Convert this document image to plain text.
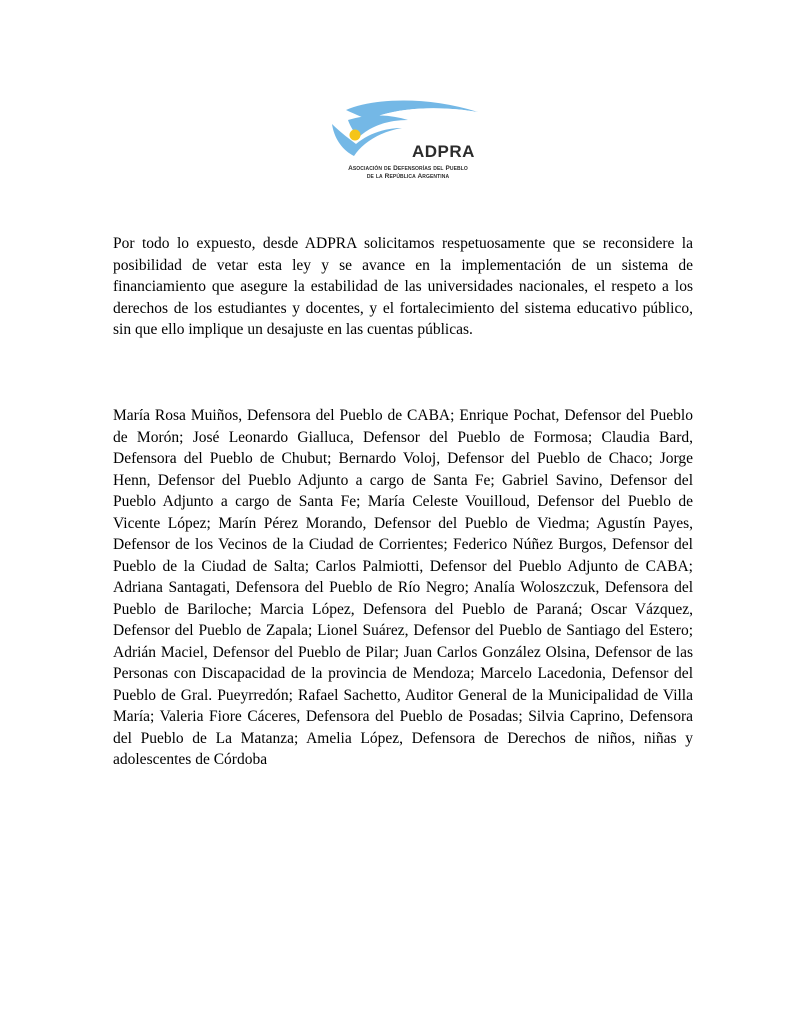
ADPRA

Asociación de Defensorías del Pueblo
de la República Argentina

Por todo lo expuesto, desde ADPRA solicitamos respetuosamente que se reconsidere la posibilidad de vetar esta ley y se avance en la implementación de un sistema de financiamiento que asegure la estabilidad de las universidades nacionales, el respeto a los derechos de los estudiantes y docentes, y el fortalecimiento del sistema educativo público, sin que ello implique un desajuste en las cuentas públicas.

María Rosa Muiños, Defensora del Pueblo de CABA; Enrique Pochat, Defensor del Pueblo de Morón; José Leonardo Gialluca, Defensor del Pueblo de Formosa; Claudia Bard, Defensora del Pueblo de Chubut; Bernardo Voloj, Defensor del Pueblo de Chaco; Jorge Henn, Defensor del Pueblo Adjunto a cargo de Santa Fe; Gabriel Savino, Defensor del Pueblo Adjunto a cargo de Santa Fe; María Celeste Vouilloud, Defensor del Pueblo de Vicente López; Marín Pérez Morando, Defensor del Pueblo de Viedma; Agustín Payes, Defensor de los Vecinos de la Ciudad de Corrientes; Federico Núñez Burgos, Defensor del Pueblo de la Ciudad de Salta; Carlos Palmiotti, Defensor del Pueblo Adjunto de CABA; Adriana Santagati, Defensora del Pueblo de Río Negro; Analía Woloszczuk, Defensora del Pueblo de Bariloche; Marcia López, Defensora del Pueblo de Paraná; Oscar Vázquez, Defensor del Pueblo de Zapala; Lionel Suárez, Defensor del Pueblo de Santiago del Estero; Adrián Maciel, Defensor del Pueblo de Pilar; Juan Carlos González Olsina, Defensor de las Personas con Discapacidad de la provincia de Mendoza; Marcelo Lacedonia, Defensor del Pueblo de Gral. Pueyrredón; Rafael Sachetto, Auditor General de la Municipalidad de Villa María; Valeria Fiore Cáceres, Defensora del Pueblo de Posadas; Silvia Caprino, Defensora del Pueblo de La Matanza; Amelia López, Defensora de Derechos de niños, niñas y adolescentes de Córdoba
